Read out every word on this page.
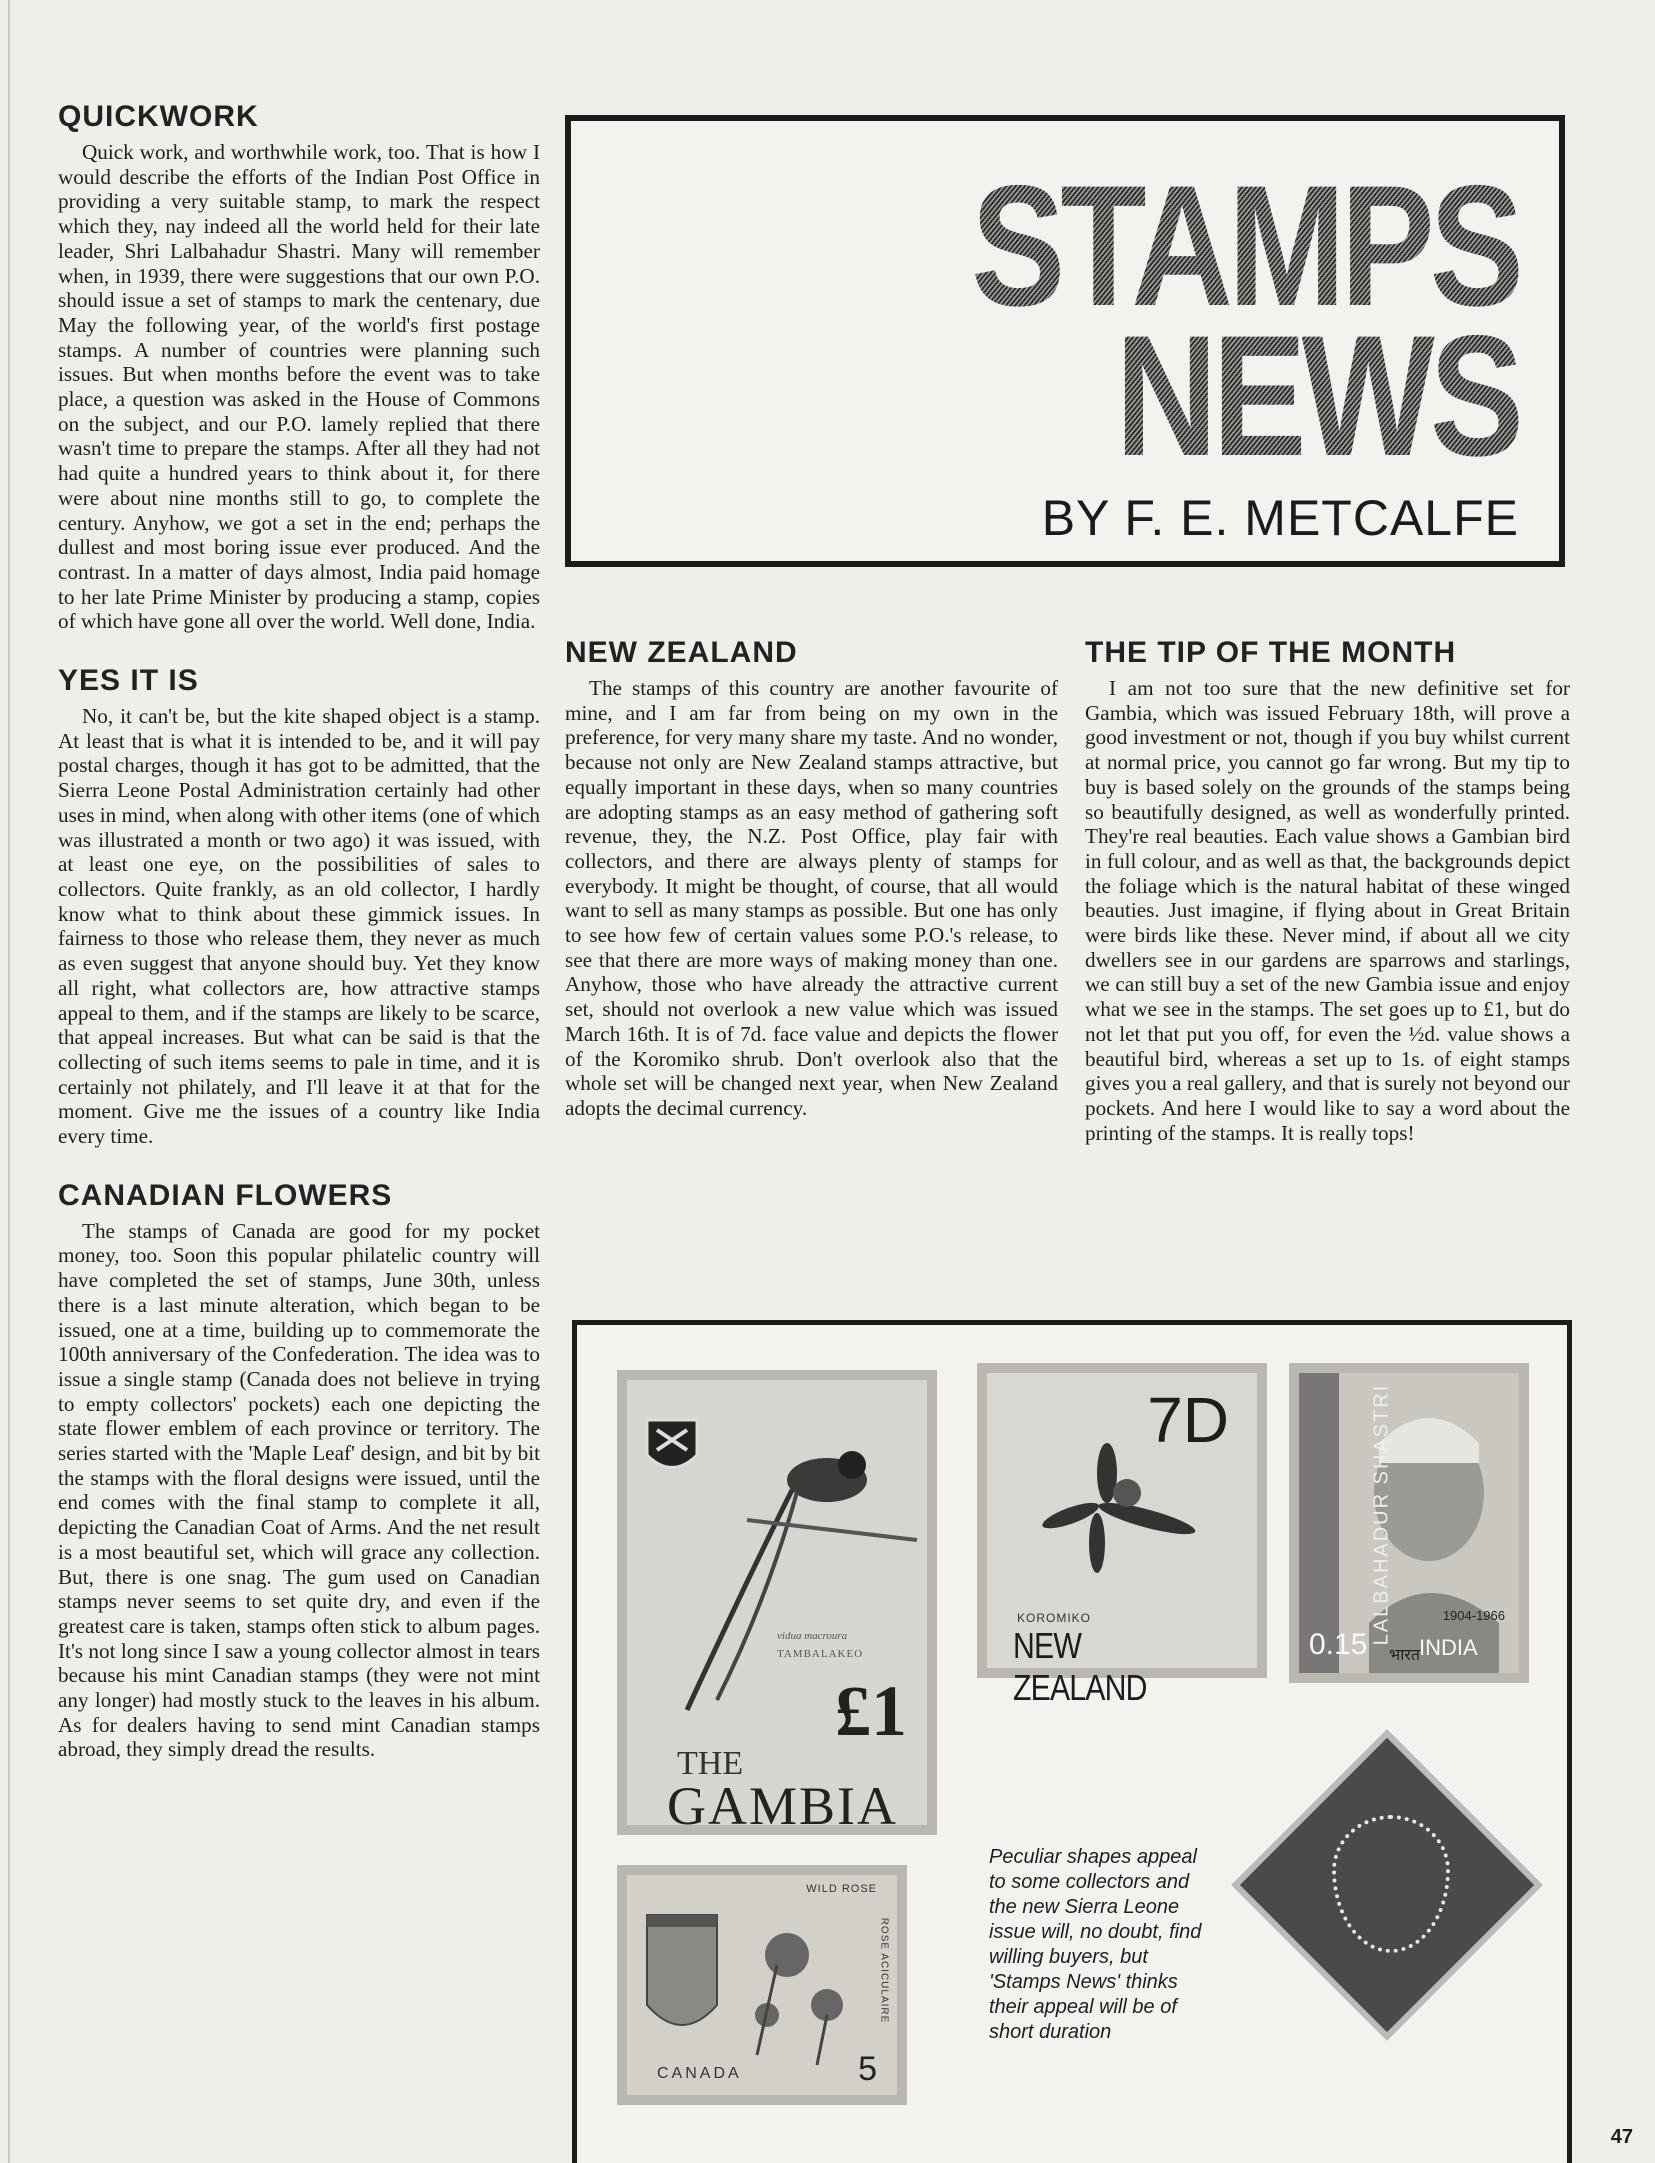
QUICKWORK

Quick work, and worthwhile work, too. That is how I would describe the efforts of the Indian Post Office in providing a very suitable stamp, to mark the respect which they, nay indeed all the world held for their late leader, Shri Lalbahadur Shastri. Many will remember when, in 1939, there were suggestions that our own P.O. should issue a set of stamps to mark the centenary, due May the following year, of the world's first postage stamps. A number of countries were planning such issues. But when months before the event was to take place, a question was asked in the House of Commons on the subject, and our P.O. lamely replied that there wasn't time to prepare the stamps. After all they had not had quite a hundred years to think about it, for there were about nine months still to go, to complete the century. Anyhow, we got a set in the end; perhaps the dullest and most boring issue ever produced. And the contrast. In a matter of days almost, India paid homage to her late Prime Minister by producing a stamp, copies of which have gone all over the world. Well done, India.

YES IT IS

No, it can't be, but the kite shaped object is a stamp. At least that is what it is intended to be, and it will pay postal charges, though it has got to be admitted, that the Sierra Leone Postal Administration certainly had other uses in mind, when along with other items (one of which was illustrated a month or two ago) it was issued, with at least one eye, on the possibilities of sales to collectors. Quite frankly, as an old collector, I hardly know what to think about these gimmick issues. In fairness to those who release them, they never as much as even suggest that anyone should buy. Yet they know all right, what collectors are, how attractive stamps appeal to them, and if the stamps are likely to be scarce, that appeal increases. But what can be said is that the collecting of such items seems to pale in time, and it is certainly not philately, and I'll leave it at that for the moment. Give me the issues of a country like India every time.

CANADIAN FLOWERS

The stamps of Canada are good for my pocket money, too. Soon this popular philatelic country will have completed the set of stamps, June 30th, unless there is a last minute alteration, which began to be issued, one at a time, building up to commemorate the 100th anniversary of the Confederation. The idea was to issue a single stamp (Canada does not believe in trying to empty collectors' pockets) each one depicting the state flower emblem of each province or territory. The series started with the 'Maple Leaf' design, and bit by bit the stamps with the floral designs were issued, until the end comes with the final stamp to complete it all, depicting the Canadian Coat of Arms. And the net result is a most beautiful set, which will grace any collection. But, there is one snag. The gum used on Canadian stamps never seems to set quite dry, and even if the greatest care is taken, stamps often stick to album pages. It's not long since I saw a young collector almost in tears because his mint Canadian stamps (they were not mint any longer) had mostly stuck to the leaves in his album. As for dealers having to send mint Canadian stamps abroad, they simply dread the results.

STAMPS
NEWS
BY F. E. METCALFE
NEW ZEALAND

The stamps of this country are another favourite of mine, and I am far from being on my own in the preference, for very many share my taste. And no wonder, because not only are New Zealand stamps attractive, but equally important in these days, when so many countries are adopting stamps as an easy method of gathering soft revenue, they, the N.Z. Post Office, play fair with collectors, and there are always plenty of stamps for everybody. It might be thought, of course, that all would want to sell as many stamps as possible. But one has only to see how few of certain values some P.O.'s release, to see that there are more ways of making money than one. Anyhow, those who have already the attractive current set, should not overlook a new value which was issued March 16th. It is of 7d. face value and depicts the flower of the Koromiko shrub. Don't overlook also that the whole set will be changed next year, when New Zealand adopts the decimal currency.

THE TIP OF THE MONTH

I am not too sure that the new definitive set for Gambia, which was issued February 18th, will prove a good investment or not, though if you buy whilst current at normal price, you cannot go far wrong. But my tip to buy is based solely on the grounds of the stamps being so beautifully designed, as well as wonderfully printed. They're real beauties. Each value shows a Gambian bird in full colour, and as well as that, the backgrounds depict the foliage which is the natural habitat of these winged beauties. Just imagine, if flying about in Great Britain were birds like these. Never mind, if about all we city dwellers see in our gardens are sparrows and starlings, we can still buy a set of the new Gambia issue and enjoy what we see in the stamps. The set goes up to £1, but do not let that put you off, for even the ½d. value shows a beautiful bird, whereas a set up to 1s. of eight stamps gives you a real gallery, and that is surely not beyond our pockets. And here I would like to say a word about the printing of the stamps. It is really tops!

vidua macroura
TAMBALAKEO
£1
THE
GAMBIA
7D
KOROMIKO
NEW ZEALAND
LALBAHADUR SHASTRI	1904-1966
0.15 भारत
INDIA
WILD ROSE
ROSE ACICULAIRE
CANADA	5
Peculiar shapes appeal to some collectors and the new Sierra Leone issue will, no doubt, find willing buyers, but 'Stamps News' thinks their appeal will be of short duration
47
